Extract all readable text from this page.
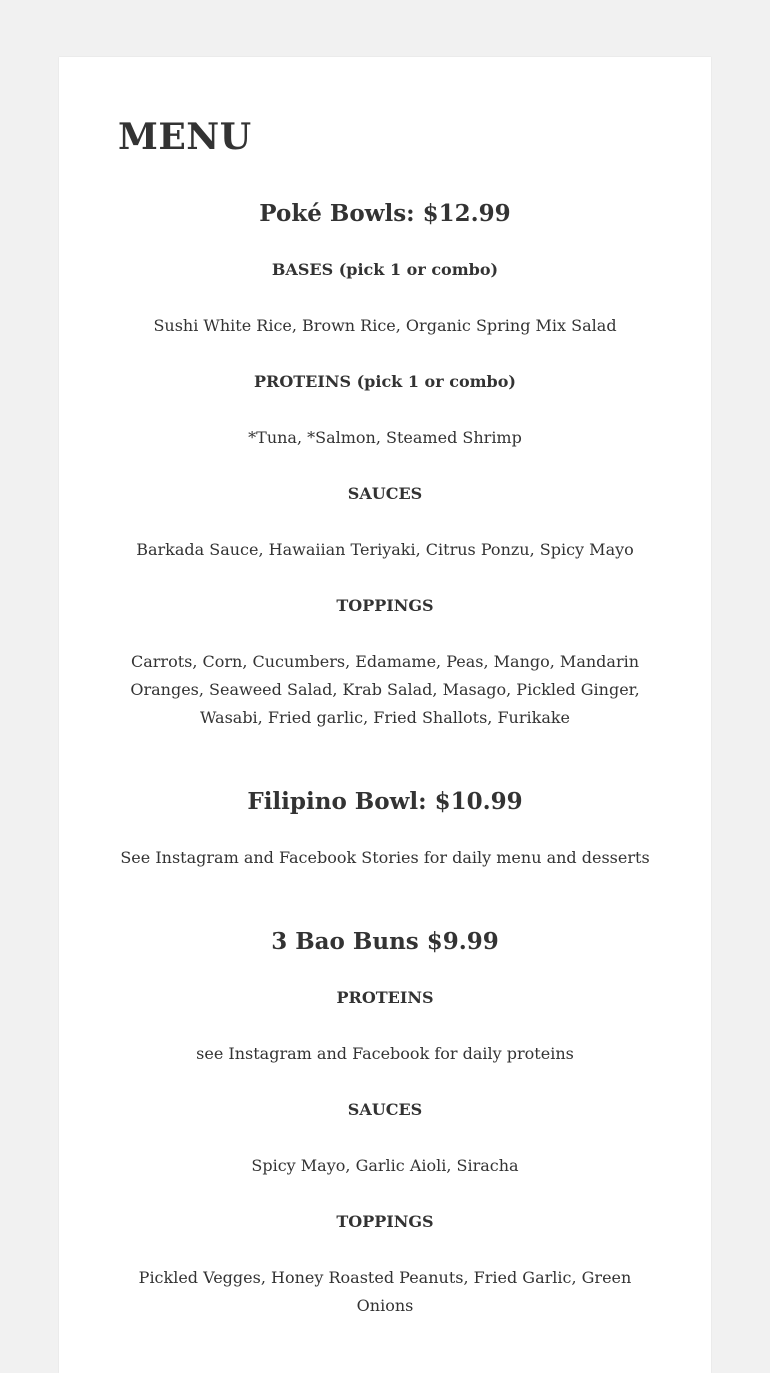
MENU
Poké Bowls: $12.99

BASES (pick 1 or combo)

Sushi White Rice, Brown Rice, Organic Spring Mix Salad

PROTEINS (pick 1 or combo)

*Tuna, *Salmon, Steamed Shrimp

SAUCES

Barkada Sauce, Hawaiian Teriyaki, Citrus Ponzu, Spicy Mayo

TOPPINGS

Carrots, Corn, Cucumbers, Edamame, Peas, Mango, Mandarin Oranges, Seaweed Salad, Krab Salad, Masago, Pickled Ginger, Wasabi, Fried garlic, Fried Shallots, Furikake

Filipino Bowl: $10.99

See Instagram and Facebook Stories for daily menu and desserts

3 Bao Buns $9.99

PROTEINS

see Instagram and Facebook for daily proteins

SAUCES

Spicy Mayo, Garlic Aioli, Siracha

TOPPINGS

Pickled Vegges, Honey Roasted Peanuts, Fried Garlic, Green Onions
